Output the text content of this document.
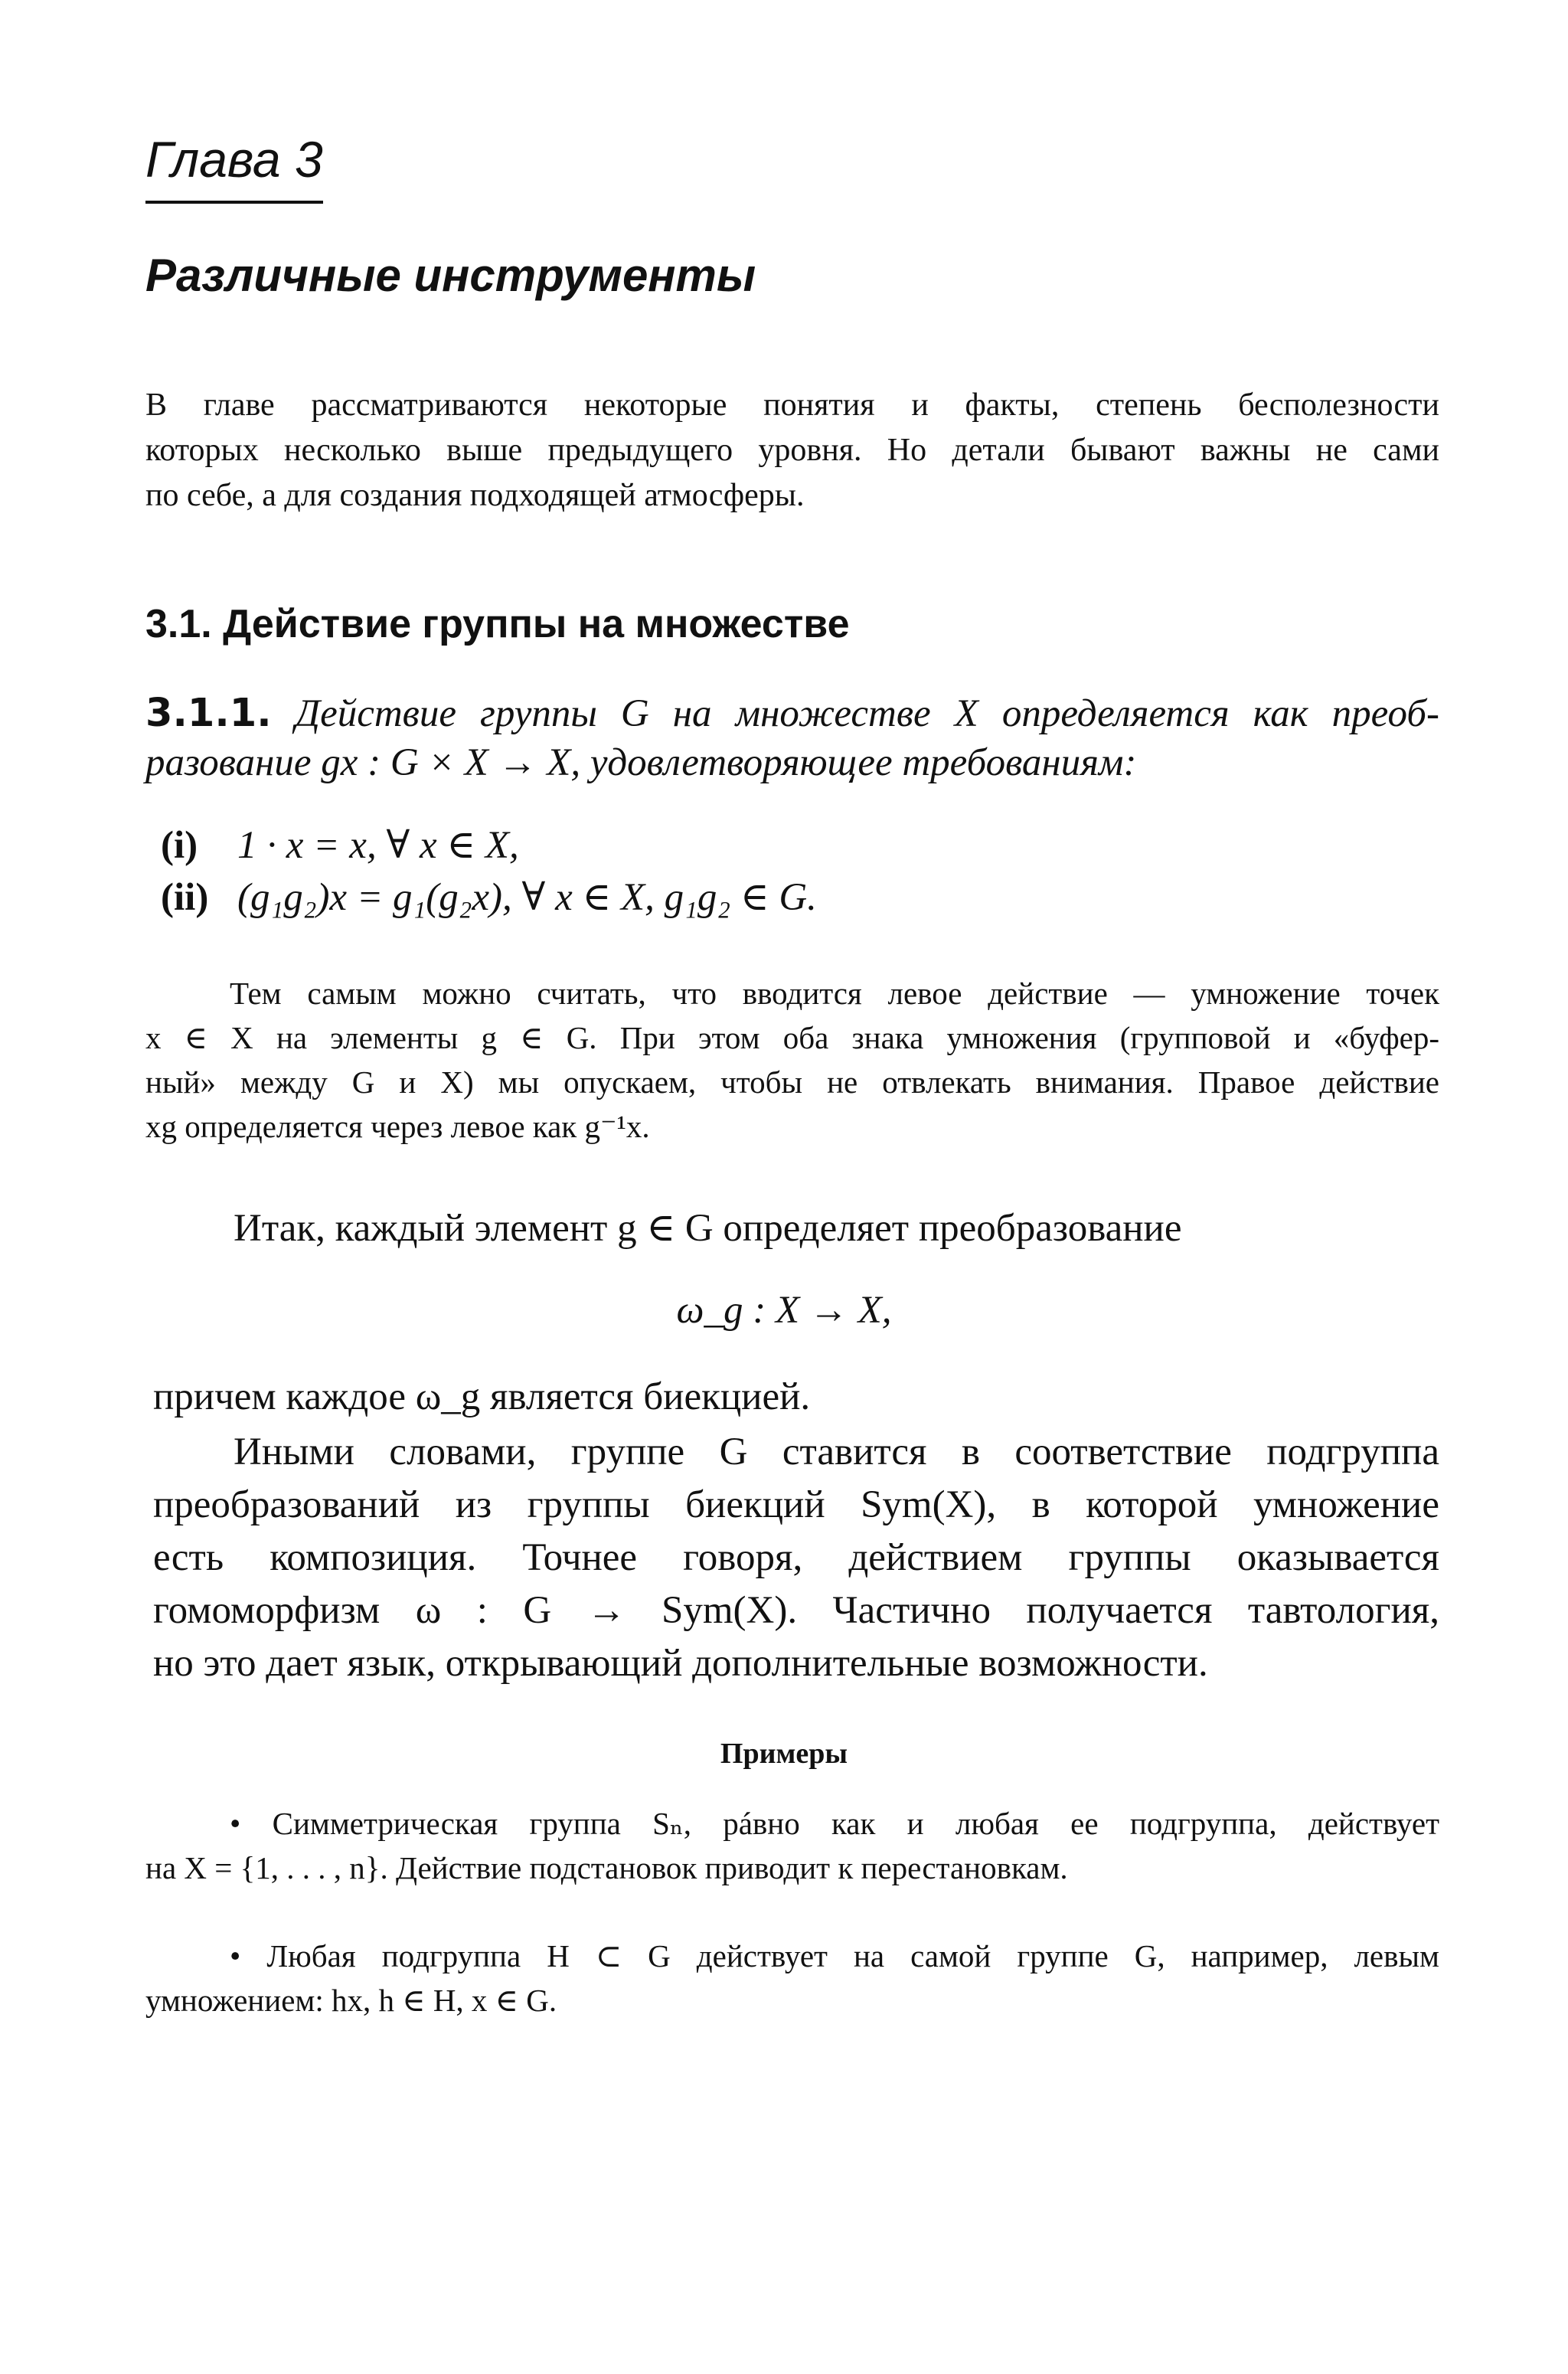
Глава 3
Различные инструменты
В главе рассматриваются некоторые понятия и факты, степень бесполезности
которых несколько выше предыдущего уровня. Но детали бывают важны не сами
по себе, а для создания подходящей атмосферы.
3.1. Действие группы на множестве
3.1.1. Действие группы G на множестве X определяется как преоб-
разование gx : G × X → X, удовлетворяющее требованиям:
(i) 1 · x = x, ∀ x ∈ X,
(ii) (g₁g₂)x = g₁(g₂x), ∀ x ∈ X, g₁g₂ ∈ G.
Тем самым можно считать, что вводится левое действие — умножение точек
x ∈ X на элементы g ∈ G. При этом оба знака умножения (групповой и «буфер-
ный» между G и X) мы опускаем, чтобы не отвлекать внимания. Правое действие
xg определяется через левое как g⁻¹x.
Итак, каждый элемент g ∈ G определяет преобразование
ω_g : X → X,
причем каждое ω_g является биекцией.
Иными словами, группе G ставится в соответствие подгруппа
преобразований из группы биекций Sym(X), в которой умножение
есть композиция. Точнее говоря, действием группы оказывается
гомоморфизм ω : G → Sym(X). Частично получается тавтология,
но это дает язык, открывающий дополнительные возможности.
Примеры
• Симметрическая группа Sₙ, рáвно как и любая ее подгруппа, действует
на X = {1, . . . , n}. Действие подстановок приводит к перестановкам.
• Любая подгруппа H ⊂ G действует на самой группе G, например, левым
умножением: hx, h ∈ H, x ∈ G.
